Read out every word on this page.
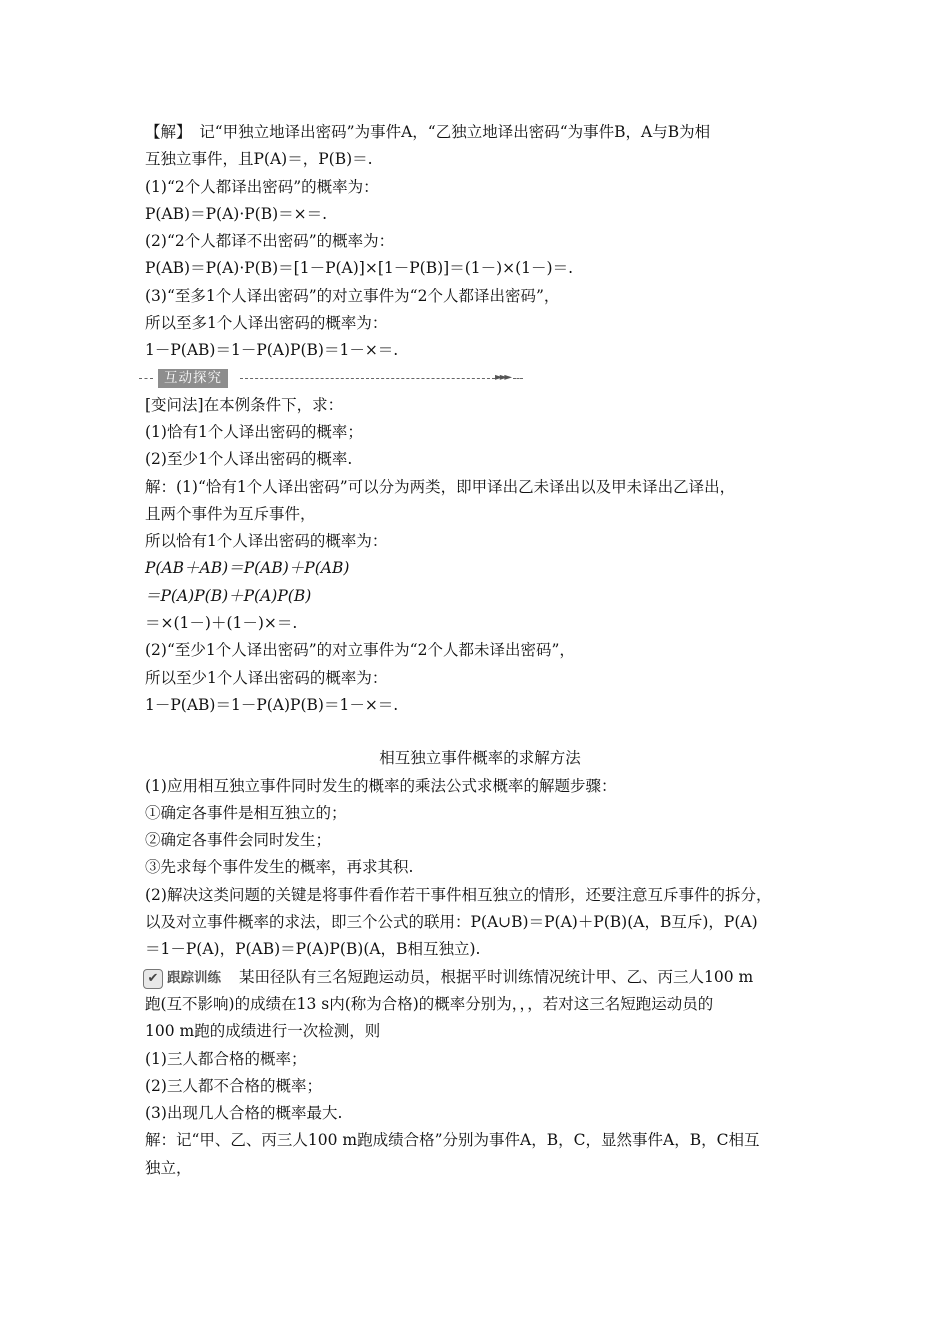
【解】　记“甲独立地译出密码”为事件A，“乙独立地译出密码“为事件B，A与B为相
互独立事件，且P(A)＝，P(B)＝.
(1)“2个人都译出密码”的概率为：
P(AB)＝P(A)·P(B)＝×＝.
(2)“2个人都译不出密码”的概率为：
P(AB)＝P(A)·P(B)＝[1－P(A)]×[1－P(B)]＝(1－)×(1－)＝.
(3)“至多1个人译出密码”的对立事件为“2个人都译出密码”，
所以至多1个人译出密码的概率为：
1－P(AB)＝1－P(A)P(B)＝1－×＝.
互动探究	►►►
[变问法]在本例条件下，求：
(1)恰有1个人译出密码的概率；
(2)至少1个人译出密码的概率.
解：(1)“恰有1个人译出密码”可以分为两类，即甲译出乙未译出以及甲未译出乙译出，
且两个事件为互斥事件，
所以恰有1个人译出密码的概率为：
P(AB＋AB)＝P(AB)＋P(AB)
＝P(A)P(B)＋P(A)P(B)
＝×(1－)＋(1－)×＝.
(2)“至少1个人译出密码”的对立事件为“2个人都未译出密码”，
所以至少1个人译出密码的概率为：
1－P(AB)＝1－P(A)P(B)＝1－×＝.
相互独立事件概率的求解方法
(1)应用相互独立事件同时发生的概率的乘法公式求概率的解题步骤：
①确定各事件是相互独立的；
②确定各事件会同时发生；
③先求每个事件发生的概率，再求其积.
(2)解决这类问题的关键是将事件看作若干事件相互独立的情形，还要注意互斥事件的拆分，
以及对立事件概率的求法，即三个公式的联用：P(A∪B)＝P(A)＋P(B)(A，B互斥)，P(A)
＝1－P(A)，P(AB)＝P(A)P(B)(A，B相互独立).
✔ 跟踪训练 某田径队有三名短跑运动员，根据平时训练情况统计甲、乙、丙三人100 m
跑(互不影响)的成绩在13 s内(称为合格)的概率分别为，，，若对这三名短跑运动员的
100 m跑的成绩进行一次检测，则
(1)三人都合格的概率；
(2)三人都不合格的概率；
(3)出现几人合格的概率最大.
解：记“甲、乙、丙三人100 m跑成绩合格”分别为事件A，B，C，显然事件A，B，C相互
独立，
